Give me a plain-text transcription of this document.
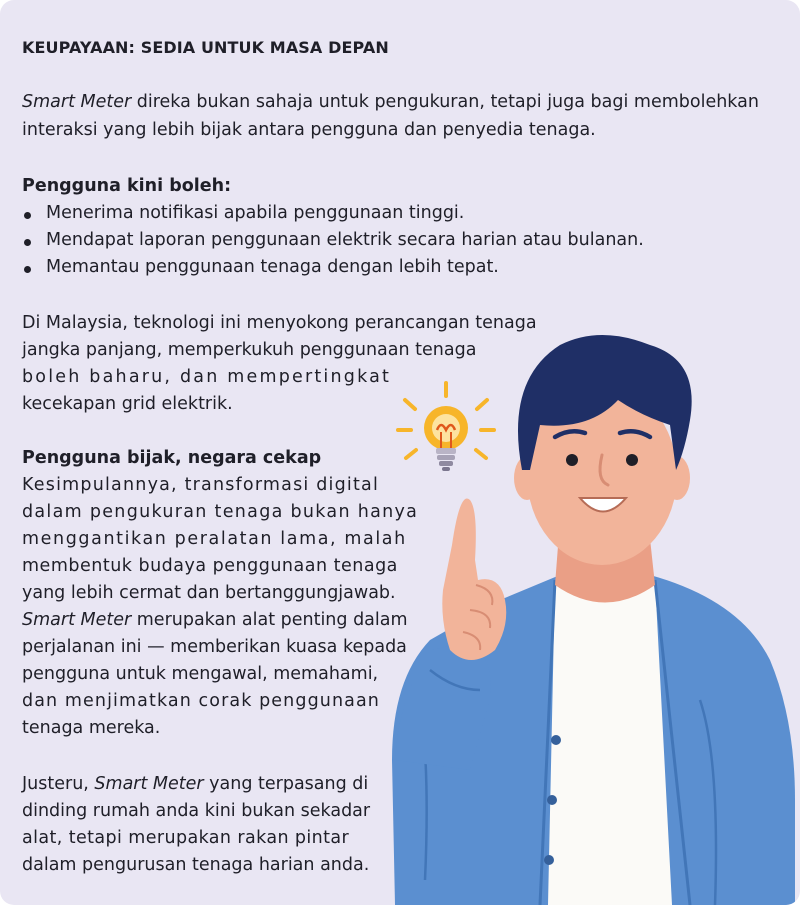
KEUPAYAAN: SEDIA UNTUK MASA DEPAN
Smart Meter direka bukan sahaja untuk pengukuran, tetapi juga bagi membolehkan
interaksi yang lebih bijak antara pengguna dan penyedia tenaga.
Pengguna kini boleh:
Menerima notifikasi apabila penggunaan tinggi.
Mendapat laporan penggunaan elektrik secara harian atau bulanan.
Memantau penggunaan tenaga dengan lebih tepat.
Di Malaysia, teknologi ini menyokong perancangan tenaga
jangka panjang, memperkukuh penggunaan tenaga
boleh baharu, dan mempertingkat
kecekapan grid elektrik.
Pengguna bijak, negara cekap
Kesimpulannya, transformasi digital
dalam pengukuran tenaga bukan hanya
menggantikan peralatan lama, malah
membentuk budaya penggunaan tenaga
yang lebih cermat dan bertanggungjawab.
Smart Meter merupakan alat penting dalam
perjalanan ini — memberikan kuasa kepada
pengguna untuk mengawal, memahami,
dan menjimatkan corak penggunaan
tenaga mereka.
Justeru, Smart Meter yang terpasang di
dinding rumah anda kini bukan sekadar
alat, tetapi merupakan rakan pintar
dalam pengurusan tenaga harian anda.
